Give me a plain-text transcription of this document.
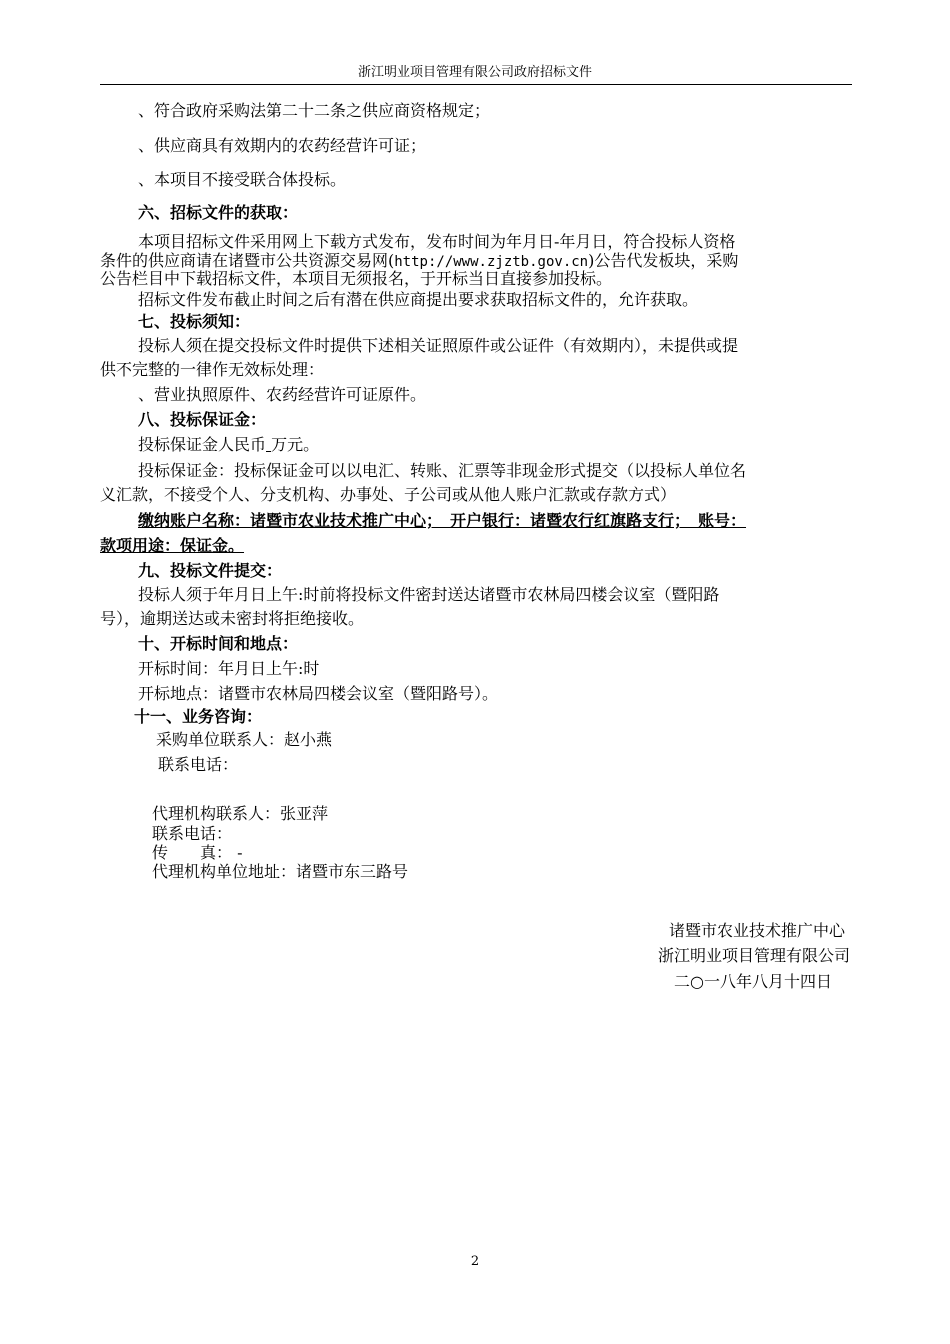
浙江明业项目管理有限公司政府招标文件
、符合政府采购法第二十二条之供应商资格规定；
、供应商具有效期内的农药经营许可证；
、本项目不接受联合体投标。
六、招标文件的获取：
本项目招标文件采用网上下载方式发布，发布时间为年月日-年月日，符合投标人资格
条件的供应商请在诸暨市公共资源交易网(http://www.zjztb.gov.cn)公告代发板块，采购
公告栏目中下载招标文件，本项目无须报名，于开标当日直接参加投标。
招标文件发布截止时间之后有潜在供应商提出要求获取招标文件的，允许获取。
七、投标须知：
投标人须在提交投标文件时提供下述相关证照原件或公证件（有效期内），未提供或提
供不完整的一律作无效标处理：
、营业执照原件、农药经营许可证原件。
八、投标保证金：
投标保证金人民币 万元。
投标保证金：投标保证金可以以电汇、转账、汇票等非现金形式提交（以投标人单位名
义汇款，不接受个人、分支机构、办事处、子公司或从他人账户汇款或存款方式）
缴纳账户名称：诸暨市农业技术推广中心；　开户银行：诸暨农行红旗路支行；　账号：
款项用途：保证金。
九、投标文件提交：
投标人须于年月日上午:时前将投标文件密封送达诸暨市农林局四楼会议室（暨阳路
号），逾期送达或未密封将拒绝接收。
十、开标时间和地点：
开标时间：年月日上午:时
开标地点：诸暨市农林局四楼会议室（暨阳路号）。
十一、业务咨询：
采购单位联系人：赵小燕
联系电话：
代理机构联系人：张亚萍
联系电话：
传　　真： -
代理机构单位地址：诸暨市东三路号
诸暨市农业技术推广中心
浙江明业项目管理有限公司
二○一八年八月十四日
2
